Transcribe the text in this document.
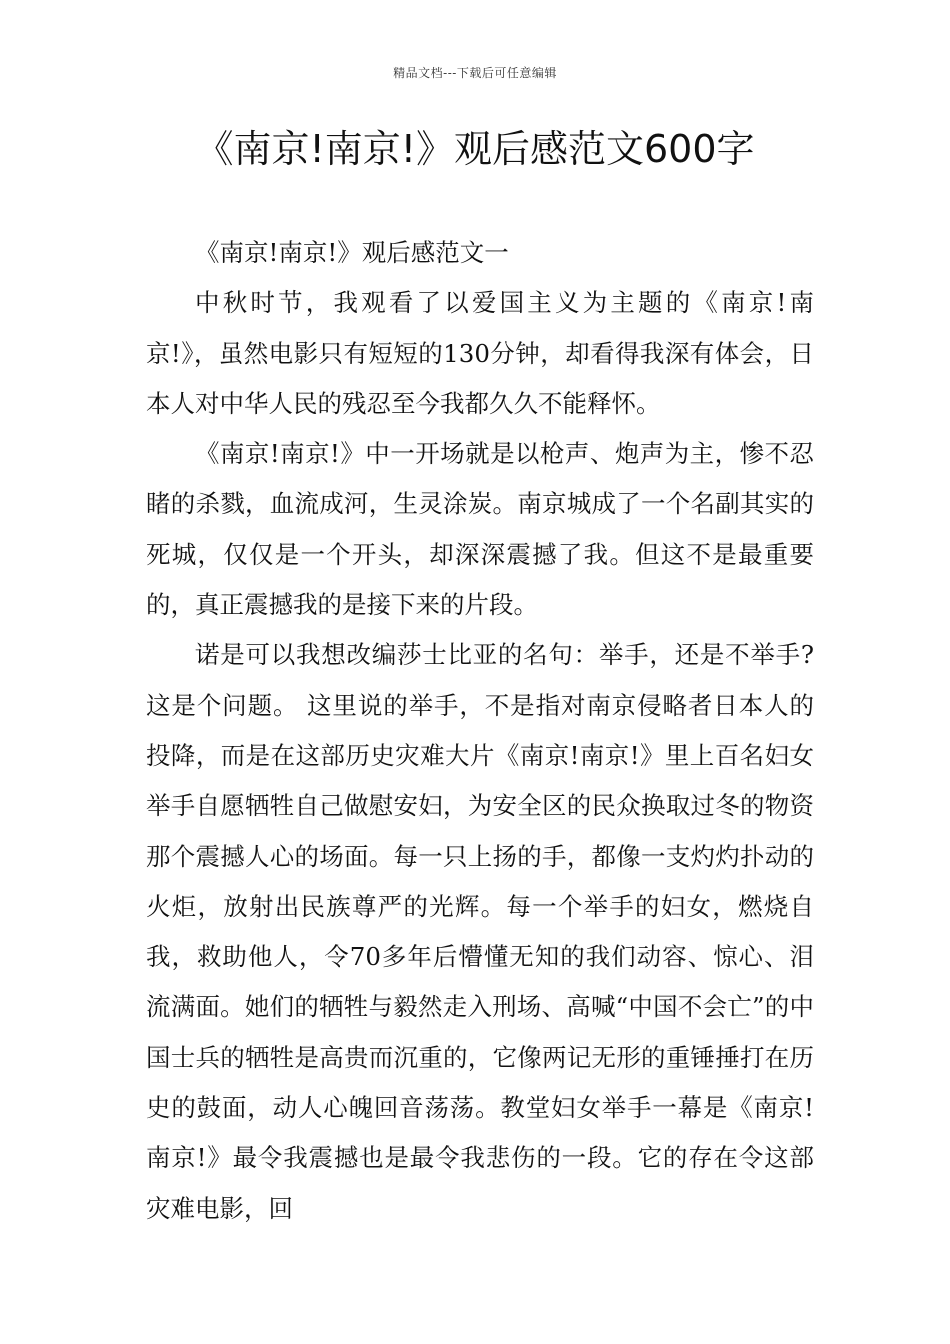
精品文档---下载后可任意编辑
《南京!南京!》观后感范文600字

《南京!南京!》观后感范文一

中秋时节，我观看了以爱国主义为主题的《南京!南京!》，虽然电影只有短短的130分钟，却看得我深有体会，日本人对中华人民的残忍至今我都久久不能释怀。

《南京!南京!》中一开场就是以枪声、炮声为主，惨不忍睹的杀戮，血流成河，生灵涂炭。南京城成了一个名副其实的死城，仅仅是一个开头，却深深震撼了我。但这不是最重要的，真正震撼我的是接下来的片段。

诺是可以我想改编莎士比亚的名句：举手，还是不举手?这是个问题。 这里说的举手，不是指对南京侵略者日本人的投降，而是在这部历史灾难大片《南京!南京!》里上百名妇女举手自愿牺牲自己做慰安妇，为安全区的民众换取过冬的物资那个震撼人心的场面。每一只上扬的手，都像一支灼灼扑动的火炬，放射出民族尊严的光辉。每一个举手的妇女，燃烧自我，救助他人，令70多年后懵懂无知的我们动容、惊心、泪流满面。她们的牺牲与毅然走入刑场、高喊“中国不会亡”的中国士兵的牺牲是高贵而沉重的，它像两记无形的重锤捶打在历史的鼓面，动人心魄回音荡荡。教堂妇女举手一幕是《南京!南京!》最令我震撼也是最令我悲伤的一段。它的存在令这部灾难电影，回
